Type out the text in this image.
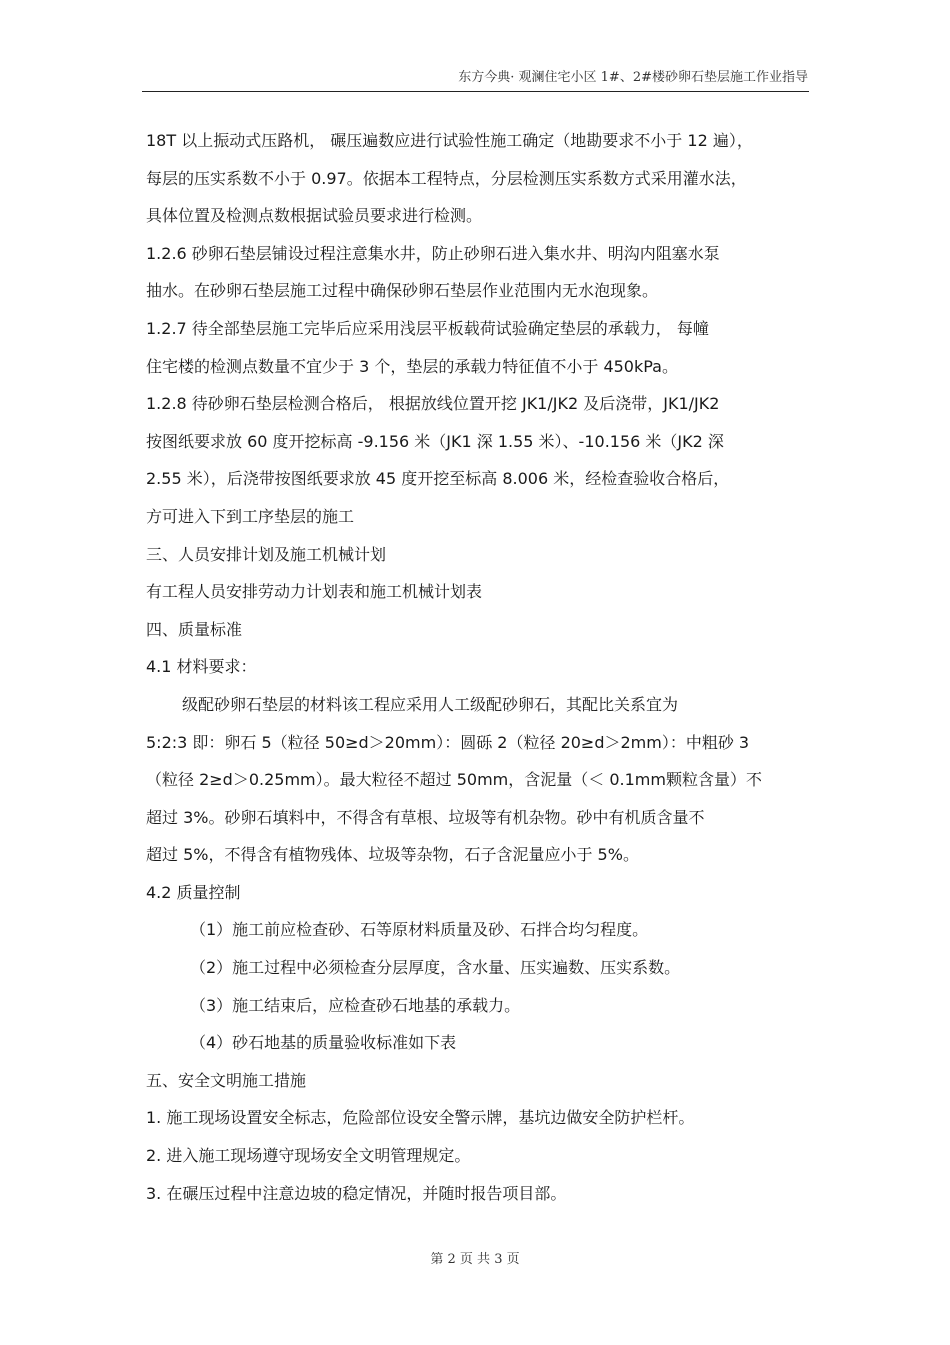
东方今典· 观澜住宅小区 1#、2#楼砂卵石垫层施工作业指导
18T 以上振动式压路机， 碾压遍数应进行试验性施工确定（地勘要求不小于 12 遍），
每层的压实系数不小于 0.97。依据本工程特点，分层检测压实系数方式采用灌水法，
具体位置及检测点数根据试验员要求进行检测。
1.2.6 砂卵石垫层铺设过程注意集水井，防止砂卵石进入集水井、明沟内阻塞水泵
抽水。在砂卵石垫层施工过程中确保砂卵石垫层作业范围内无水泡现象。
1.2.7 待全部垫层施工完毕后应采用浅层平板载荷试验确定垫层的承载力， 每幢
住宅楼的检测点数量不宜少于 3 个，垫层的承载力特征值不小于 450kPa。
1.2.8 待砂卵石垫层检测合格后， 根据放线位置开挖 JK1/JK2 及后浇带，JK1/JK2
按图纸要求放 60 度开挖标高 -9.156 米（JK1 深 1.55 米）、-10.156 米（JK2 深
2.55 米），后浇带按图纸要求放 45 度开挖至标高 8.006 米，经检查验收合格后，
方可进入下到工序垫层的施工
三、人员安排计划及施工机械计划
有工程人员安排劳动力计划表和施工机械计划表
四、质量标准
4.1 材料要求：
级配砂卵石垫层的材料该工程应采用人工级配砂卵石，其配比关系宜为
5:2:3 即：卵石 5（粒径 50≥d＞20mm）：圆砾 2（粒径 20≥d＞2mm）：中粗砂 3
（粒径 2≥d＞0.25mm）。最大粒径不超过 50mm，含泥量（＜ 0.1mm颗粒含量）不
超过 3%。砂卵石填料中，不得含有草根、垃圾等有机杂物。砂中有机质含量不
超过 5%，不得含有植物残体、垃圾等杂物，石子含泥量应小于 5%。
4.2 质量控制
（1）施工前应检查砂、石等原材料质量及砂、石拌合均匀程度。
（2）施工过程中必须检查分层厚度，含水量、压实遍数、压实系数。
（3）施工结束后，应检查砂石地基的承载力。
（4）砂石地基的质量验收标准如下表
五、安全文明施工措施
1. 施工现场设置安全标志，危险部位设安全警示牌，基坑边做安全防护栏杆。
2. 进入施工现场遵守现场安全文明管理规定。
3. 在碾压过程中注意边坡的稳定情况，并随时报告项目部。
第 2 页 共 3 页
